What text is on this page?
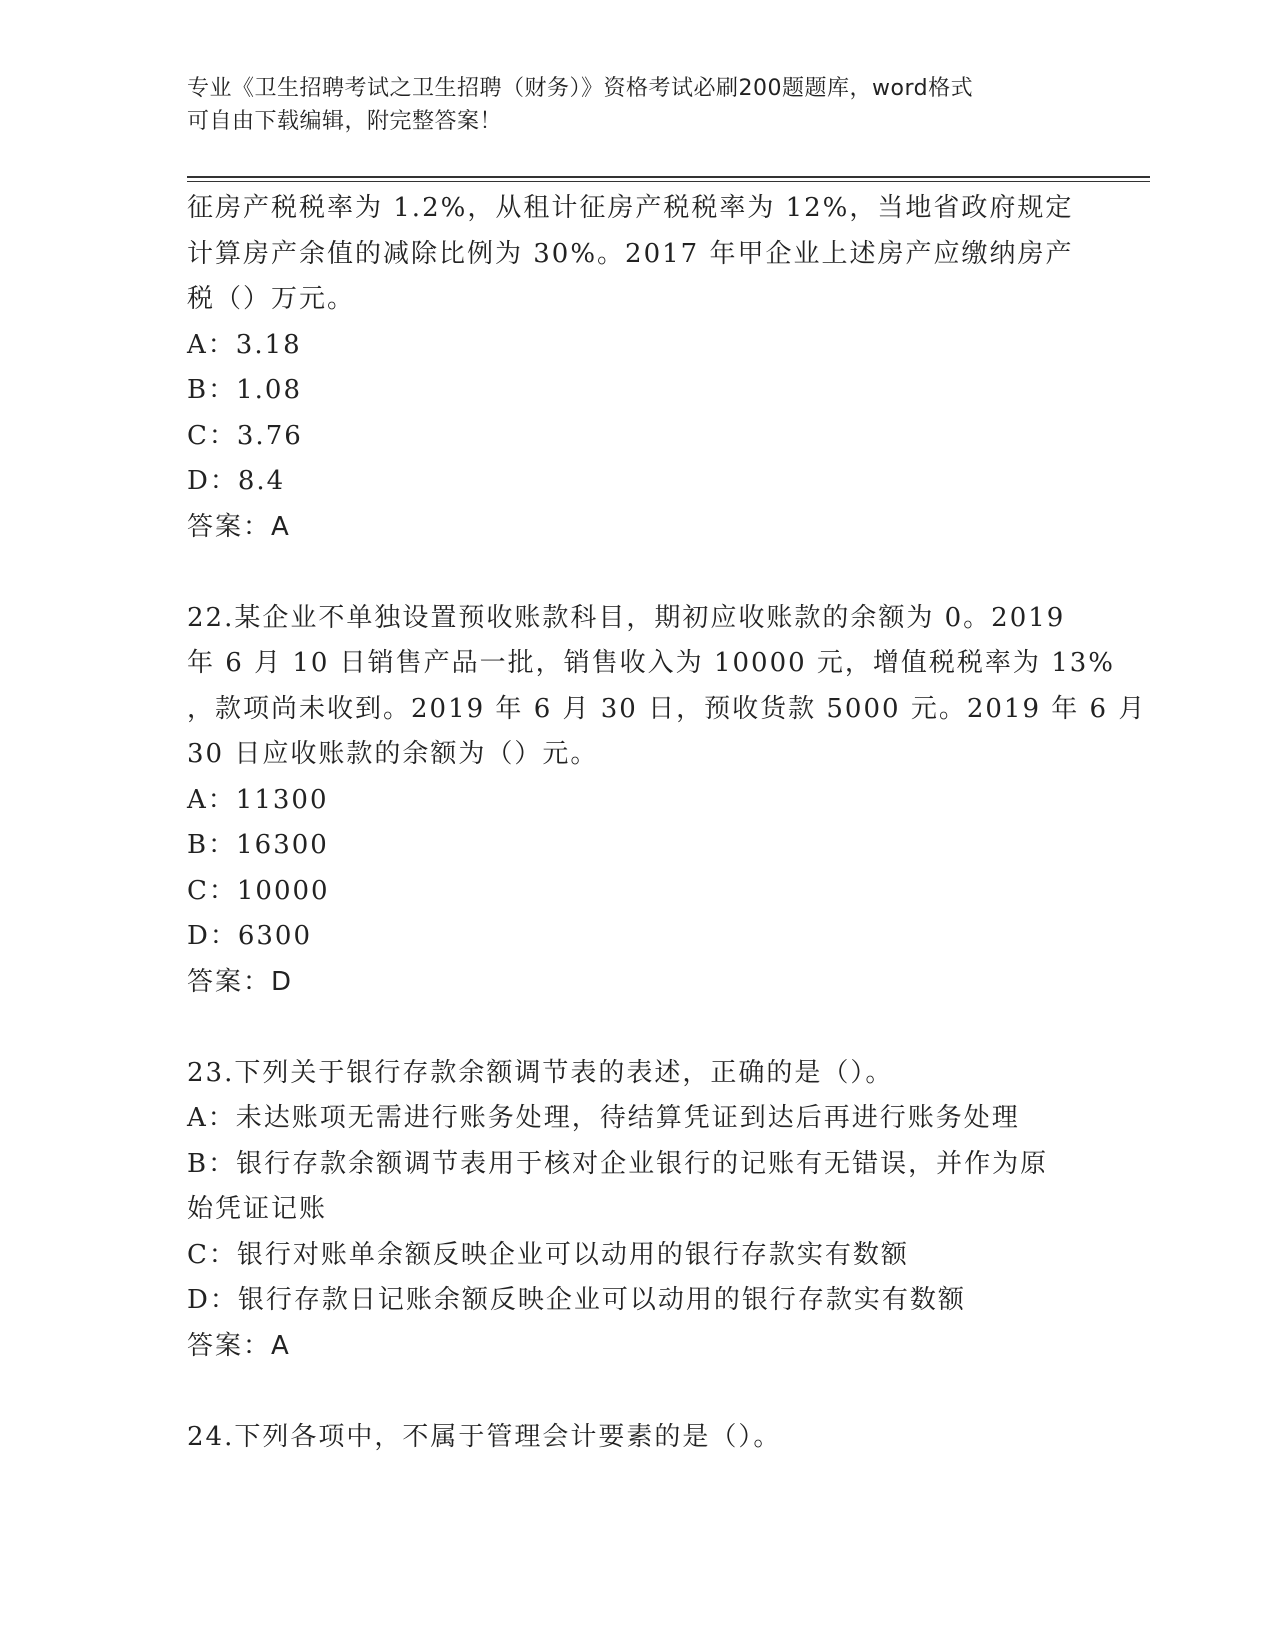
专业《卫生招聘考试之卫生招聘（财务）》资格考试必刷200题题库，word格式
可自由下载编辑，附完整答案！
征房产税税率为 1.2%，从租计征房产税税率为 12%，当地省政府规定
计算房产余值的减除比例为 30%。2017 年甲企业上述房产应缴纳房产
税（）万元。
A：3.18
B：1.08
C：3.76
D：8.4
答案：A
22.某企业不单独设置预收账款科目，期初应收账款的余额为 0。2019
年 6 月 10 日销售产品一批，销售收入为 10000 元，增值税税率为 13%
，款项尚未收到。2019 年 6 月 30 日，预收货款 5000 元。2019 年 6 月
30 日应收账款的余额为（）元。
A：11300
B：16300
C：10000
D：6300
答案：D
23.下列关于银行存款余额调节表的表述，正确的是（）。
A：未达账项无需进行账务处理，待结算凭证到达后再进行账务处理
B：银行存款余额调节表用于核对企业银行的记账有无错误，并作为原
始凭证记账
C：银行对账单余额反映企业可以动用的银行存款实有数额
D：银行存款日记账余额反映企业可以动用的银行存款实有数额
答案：A
24.下列各项中，不属于管理会计要素的是（）。
